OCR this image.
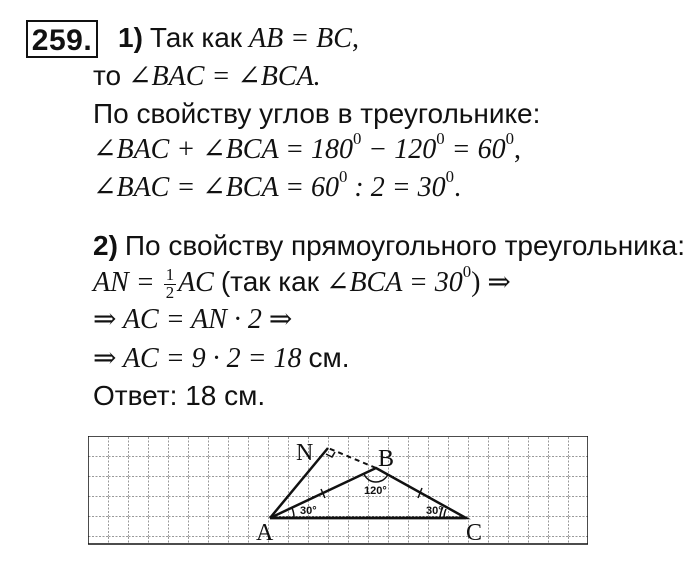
259. 1) Так как AB = BC,
то ∠BAC = ∠BCA.
По свойству углов в треугольнике:
∠BAC + ∠BCA = $180^0 - 120^0 = 60^0$,
∠BAC = ∠BCA = $60^0$ : $2 = 30^0$.
2) По свойству прямоугольного треугольника:
AN = $\frac{1}{2}$ AC (так как ∠BCA = $30^0$) ⇒
⇒ AC = AN · 2 ⇒
⇒ AC = 9 · 2 = 18 см.
Ответ: 18 см.
A
B
C
N
120°
30°	30°
